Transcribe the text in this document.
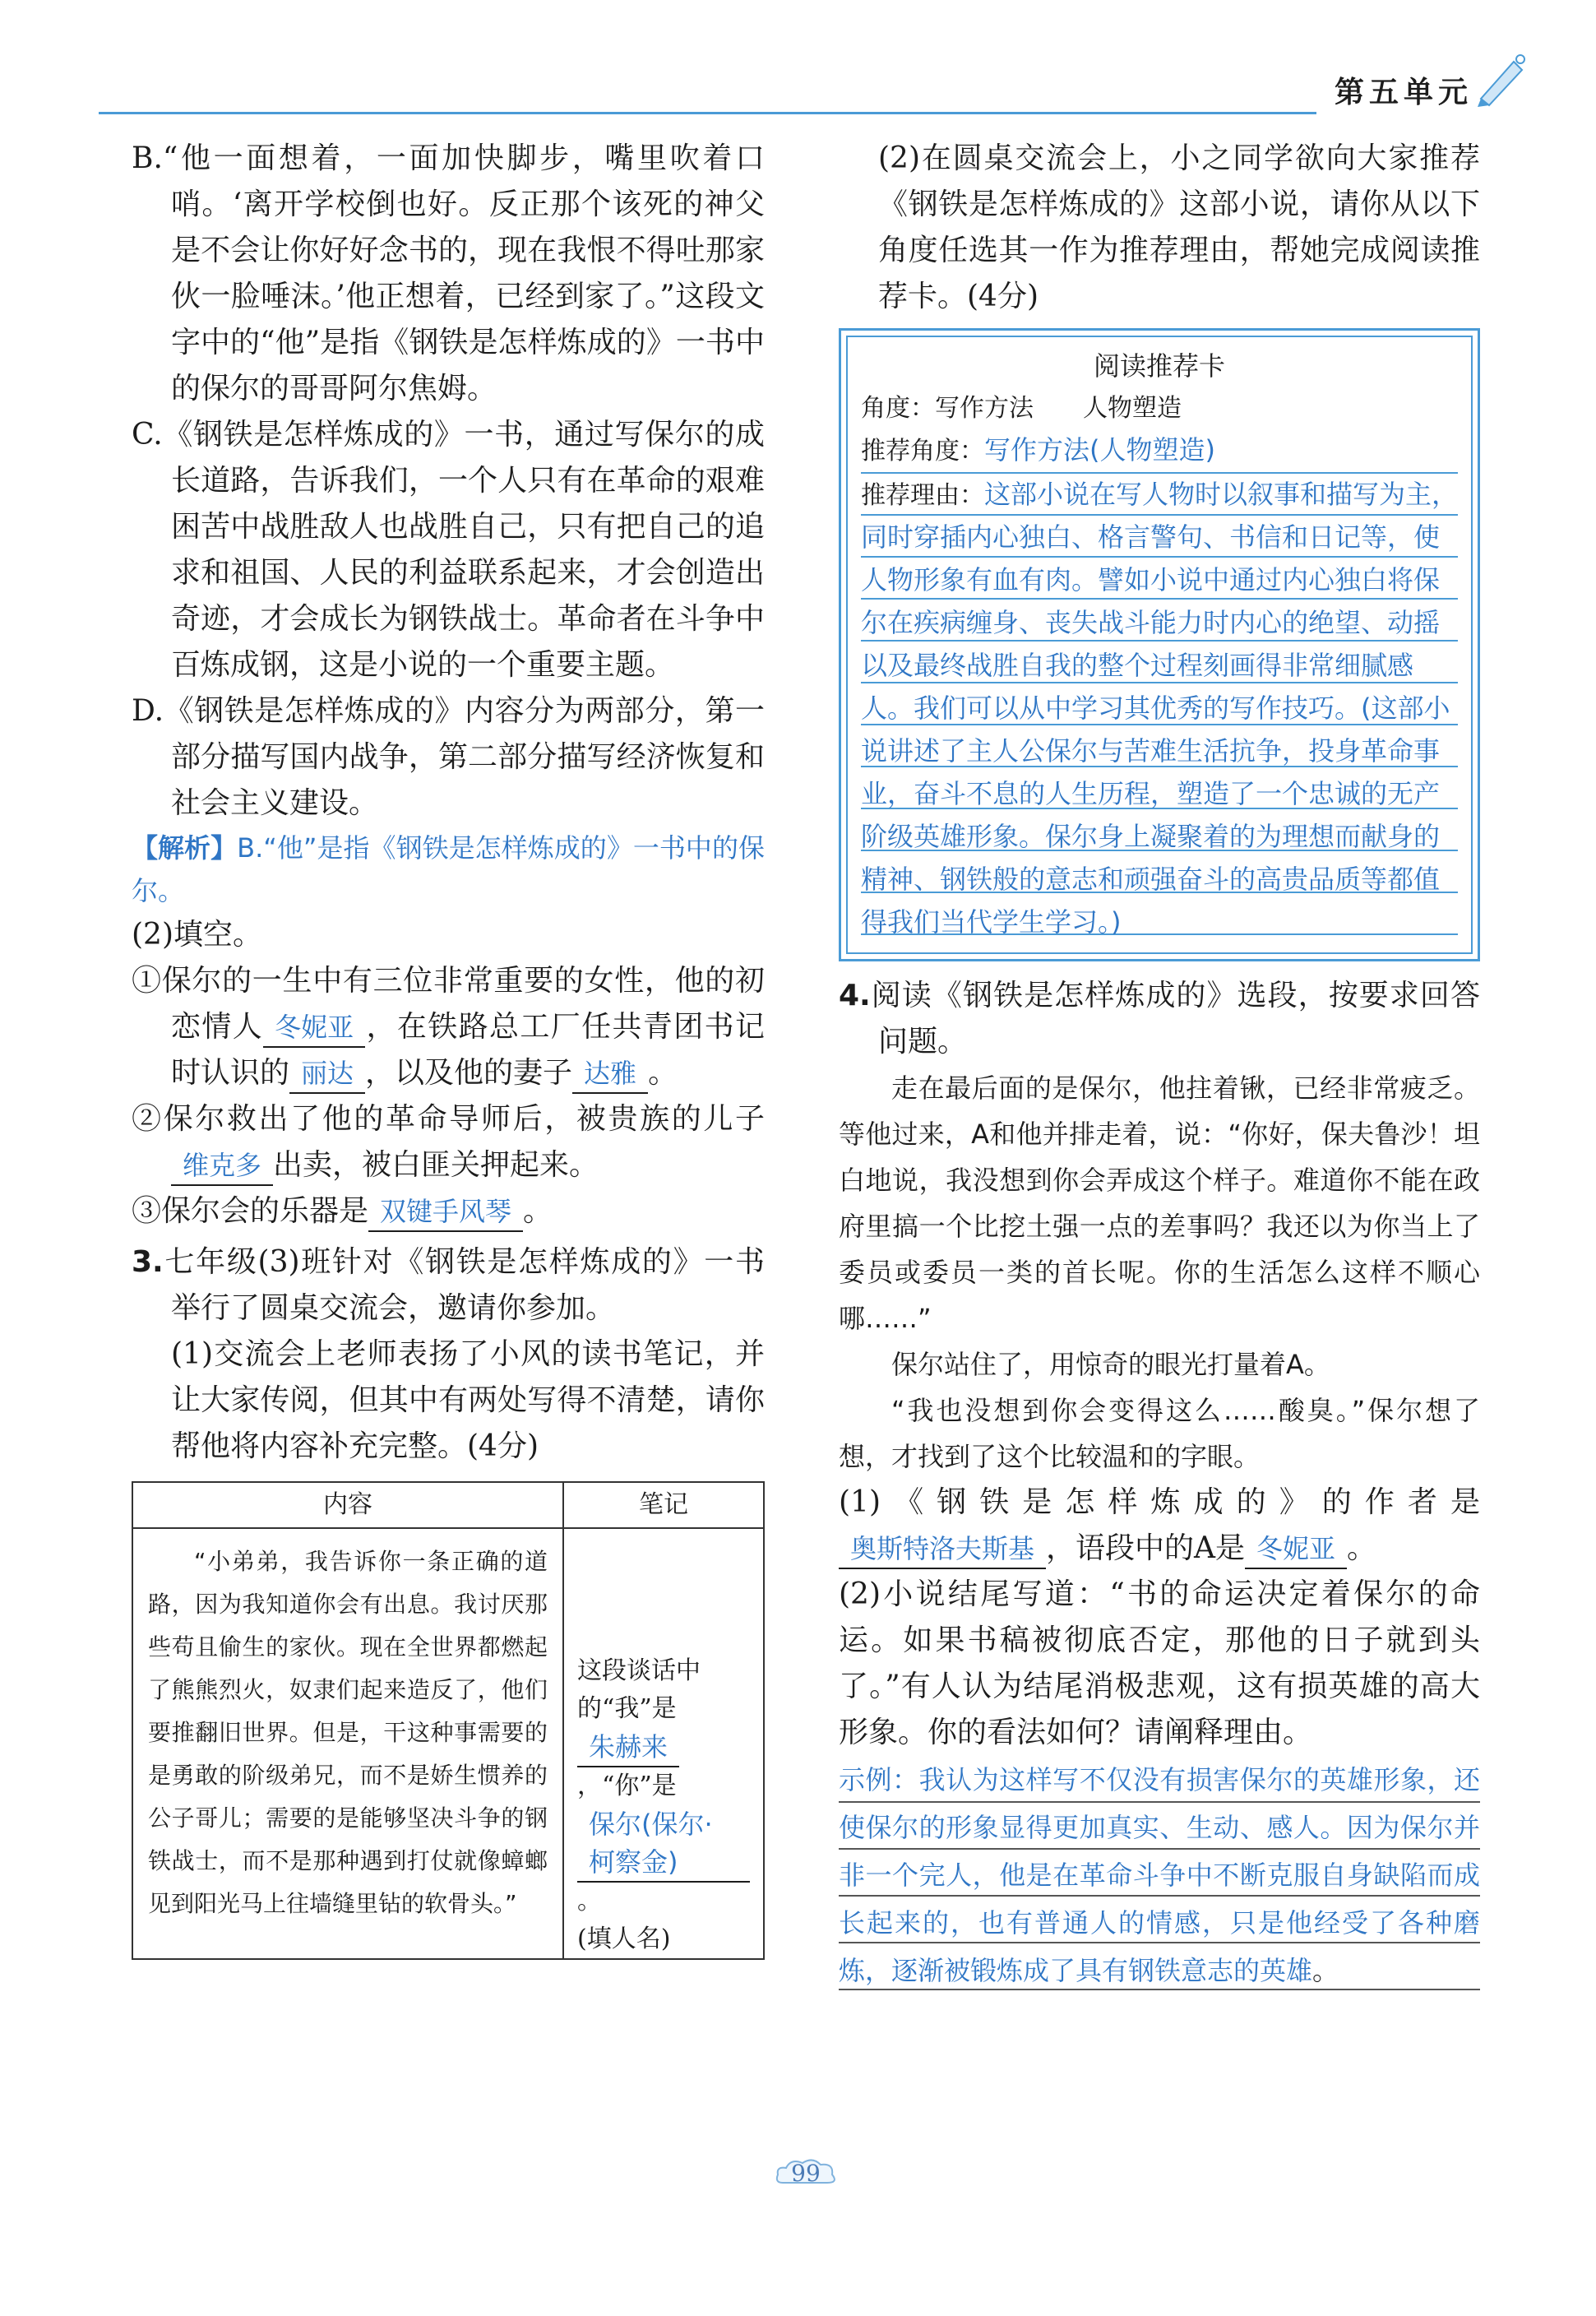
第五单元

B.“他一面想着，一面加快脚步，嘴里吹着口哨。‘离开学校倒也好。反正那个该死的神父是不会让你好好念书的，现在我恨不得吐那家伙一脸唾沫。’他正想着，已经到家了。”这段文字中的“他”是指《钢铁是怎样炼成的》一书中的保尔的哥哥阿尔焦姆。

C.《钢铁是怎样炼成的》一书，通过写保尔的成长道路，告诉我们，一个人只有在革命的艰难困苦中战胜敌人也战胜自己，只有把自己的追求和祖国、人民的利益联系起来，才会创造出奇迹，才会成长为钢铁战士。革命者在斗争中百炼成钢，这是小说的一个重要主题。

D.《钢铁是怎样炼成的》内容分为两部分，第一部分描写国内战争，第二部分描写经济恢复和社会主义建设。

【解析】B.“他”是指《钢铁是怎样炼成的》一书中的保尔。

(2)填空。

①保尔的一生中有三位非常重要的女性，他的初恋情人 冬妮亚 ，在铁路总工厂任共青团书记时认识的 丽达 ，以及他的妻子 达雅 。

②保尔救出了他的革命导师后，被贵族的儿子维克多 出卖，被白匪关押起来。

③保尔会的乐器是 双键手风琴 。

3.七年级(3)班针对《钢铁是怎样炼成的》一书举行了圆桌交流会，邀请你参加。

(1)交流会上老师表扬了小风的读书笔记，并让大家传阅，但其中有两处写得不清楚，请你帮他将内容补充完整。(4分)

内容	笔记

“小弟弟，我告诉你一条正确的道路，因为我知道你会有出息。我讨厌那些苟且偷生的家伙。现在全世界都燃起了熊熊烈火，奴隶们起来造反了，他们要推翻旧世界。但是，干这种事需要的是勇敢的阶级弟兄，而不是娇生惯养的公子哥儿；需要的是能够坚决斗争的钢铁战士，而不是那种遇到打仗就像蟑螂见到阳光马上往墙缝里钻的软骨头。”	这段谈话中的“我”是朱赫来，“你”是保尔(保尔·柯察金)。
(填人名)

(2)在圆桌交流会上，小之同学欲向大家推荐《钢铁是怎样炼成的》这部小说，请你从以下角度任选其一作为推荐理由，帮她完成阅读推荐卡。(4分)

阅读推荐卡
角度：写作方法　　人物塑造
推荐角度：写作方法(人物塑造)
推荐理由：这部小说在写人物时以叙事和描写为主，同时穿插内心独白、格言警句、书信和日记等，使人物形象有血有肉。譬如小说中通过内心独白将保尔在疾病缠身、丧失战斗能力时内心的绝望、动摇以及最终战胜自我的整个过程刻画得非常细腻感人。我们可以从中学习其优秀的写作技巧。(这部小说讲述了主人公保尔与苦难生活抗争，投身革命事业，奋斗不息的人生历程，塑造了一个忠诚的无产阶级英雄形象。保尔身上凝聚着的为理想而献身的精神、钢铁般的意志和顽强奋斗的高贵品质等都值得我们当代学生学习。)

4.阅读《钢铁是怎样炼成的》选段，按要求回答问题。

走在最后面的是保尔，他拄着锹，已经非常疲乏。等他过来，A和他并排走着，说：“你好，保夫鲁沙！坦白地说，我没想到你会弄成这个样子。难道你不能在政府里搞一个比挖土强一点的差事吗？我还以为你当上了委员或委员一类的首长呢。你的生活怎么这样不顺心哪……”

保尔站住了，用惊奇的眼光打量着A。

“我也没想到你会变得这么……酸臭。”保尔想了想，才找到了这个比较温和的字眼。

(1)《钢铁是怎样炼成的》的作者是奥斯特洛夫斯基 ，语段中的A是 冬妮亚 。

(2)小说结尾写道：“书的命运决定着保尔的命运。如果书稿被彻底否定，那他的日子就到头了。”有人认为结尾消极悲观，这有损英雄的高大形象。你的看法如何？请阐释理由。

示例：我认为这样写不仅没有损害保尔的英雄形象，还使保尔的形象显得更加真实、生动、感人。因为保尔并非一个完人，他是在革命斗争中不断克服自身缺陷而成长起来的，也有普通人的情感，只是他经受了各种磨炼，逐渐被锻炼成了具有钢铁意志的英雄。

99
